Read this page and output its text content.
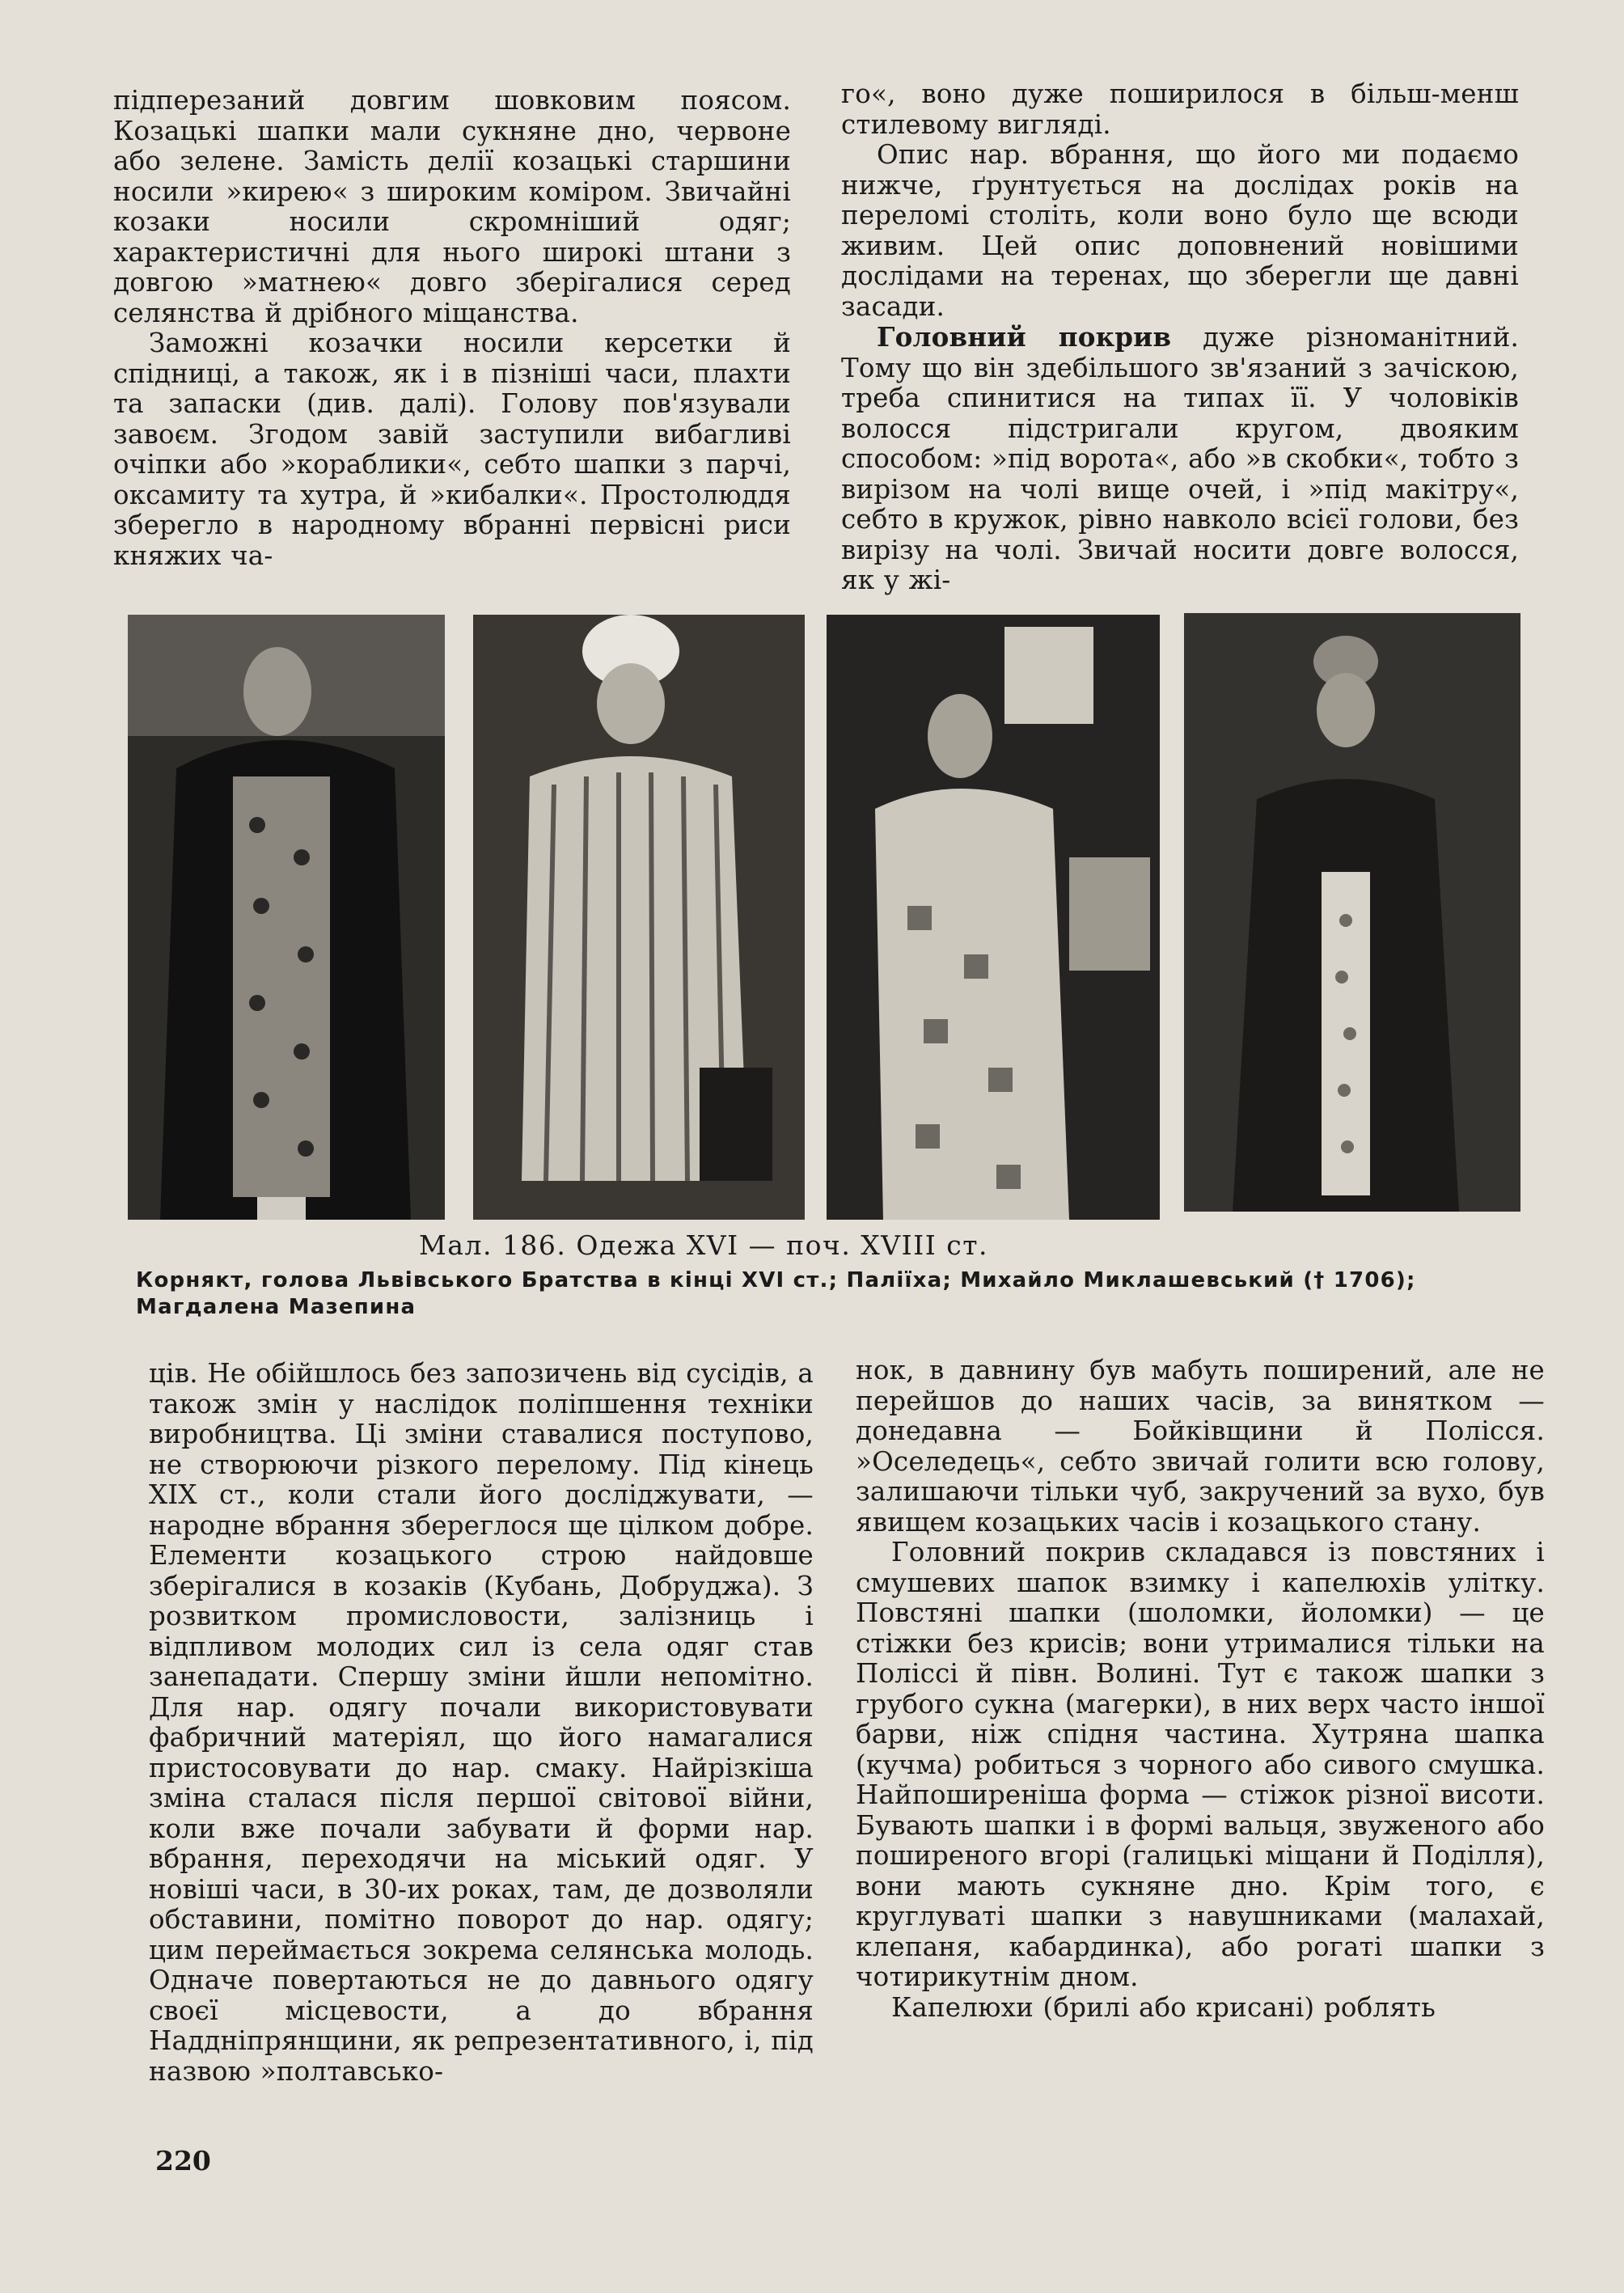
підперезаний довгим шовковим поясом. Козацькі шапки мали сукняне дно, червоне або зелене. Замість делії козацькі старшини носили »кирею« з широким коміром. Звичайні козаки носили скромніший одяг; характеристичні для нього широкі штани з довгою »матнею« довго зберігалися серед селянства й дрібного міщанства.

Заможні козачки носили керсетки й спідниці, а також, як і в пізніші часи, плахти та запаски (див. далі). Голову пов'язували завоєм. Згодом завій заступили вибагливі очіпки або »кораблики«, себто шапки з парчі, оксамиту та хутра, й »кибалки«. Простолюддя зберегло в народному вбранні первісні риси княжих ча-

го«, воно дуже поширилося в більш-менш стилевому вигляді.

Опис нар. вбрання, що його ми подаємо нижче, ґрунтується на дослідах років на переломі століть, коли воно було ще всюди живим. Цей опис доповнений новішими дослідами на теренах, що зберегли ще давні засади.

Головний покрив дуже різноманітний. Тому що він здебільшого зв'язаний з зачіскою, треба спинитися на типах її. У чоловіків волосся підстригали кругом, двояким способом: »під ворота«, або »в скобки«, тобто з вирізом на чолі вище очей, і »під макітру«, себто в кружок, рівно навколо всієї голови, без вирізу на чолі. Звичай носити довге волосся, як у жі-

Мал. 186. Одежа XVI — поч. XVIII ст.
Корнякт, голова Львівського Братства в кінці XVI ст.; Паліїха; Михайло Миклашевський († 1706); Магдалена Мазепина

ців. Не обійшлось без запозичень від сусідів, а також змін у наслідок поліпшення техніки виробництва. Ці зміни ставалися поступово, не створюючи різкого перелому. Під кінець XIX ст., коли стали його досліджувати, — народне вбрання збереглося ще цілком добре. Елементи козацького строю найдовше зберігалися в козаків (Кубань, Добруджа). З розвитком промисловости, залізниць і відпливом молодих сил із села одяг став занепадати. Спершу зміни йшли непомітно. Для нар. одягу почали використовувати фабричний матеріял, що його намагалися пристосовувати до нар. смаку. Найрізкіша зміна сталася після першої світової війни, коли вже почали забувати й форми нар. вбрання, переходячи на міський одяг. У новіші часи, в 30-их роках, там, де дозволяли обставини, помітно поворот до нар. одягу; цим переймається зокрема селянська молодь. Одначе повертаються не до давнього одягу своєї місцевости, а до вбрання Наддніпрянщини, як репрезентативного, і, під назвою »полтавсько-

нок, в давнину був мабуть поширений, але не перейшов до наших часів, за винятком — донедавна — Бойківщини й Полісся. »Оселедець«, себто звичай голити всю голову, залишаючи тільки чуб, закручений за вухо, був явищем козацьких часів і козацького стану.

Головний покрив складався із повстяних і смушевих шапок взимку і капелюхів улітку. Повстяні шапки (шоломки, йоломки) — це стіжки без крисів; вони утрималися тільки на Поліссі й півн. Волині. Тут є також шапки з грубого сукна (магерки), в них верх часто іншої барви, ніж спідня частина. Хутряна шапка (кучма) робиться з чорного або сивого смушка. Найпоширеніша форма — стіжок різної висоти. Бувають шапки і в формі вальця, звуженого або поширеного вгорі (галицькі міщани й Поділля), вони мають сукняне дно. Крім того, є круглуваті шапки з навушниками (малахай, клепаня, кабардинка), або рогаті шапки з чотирикутнім дном.

Капелюхи (брилі або крисані) роблять

220
